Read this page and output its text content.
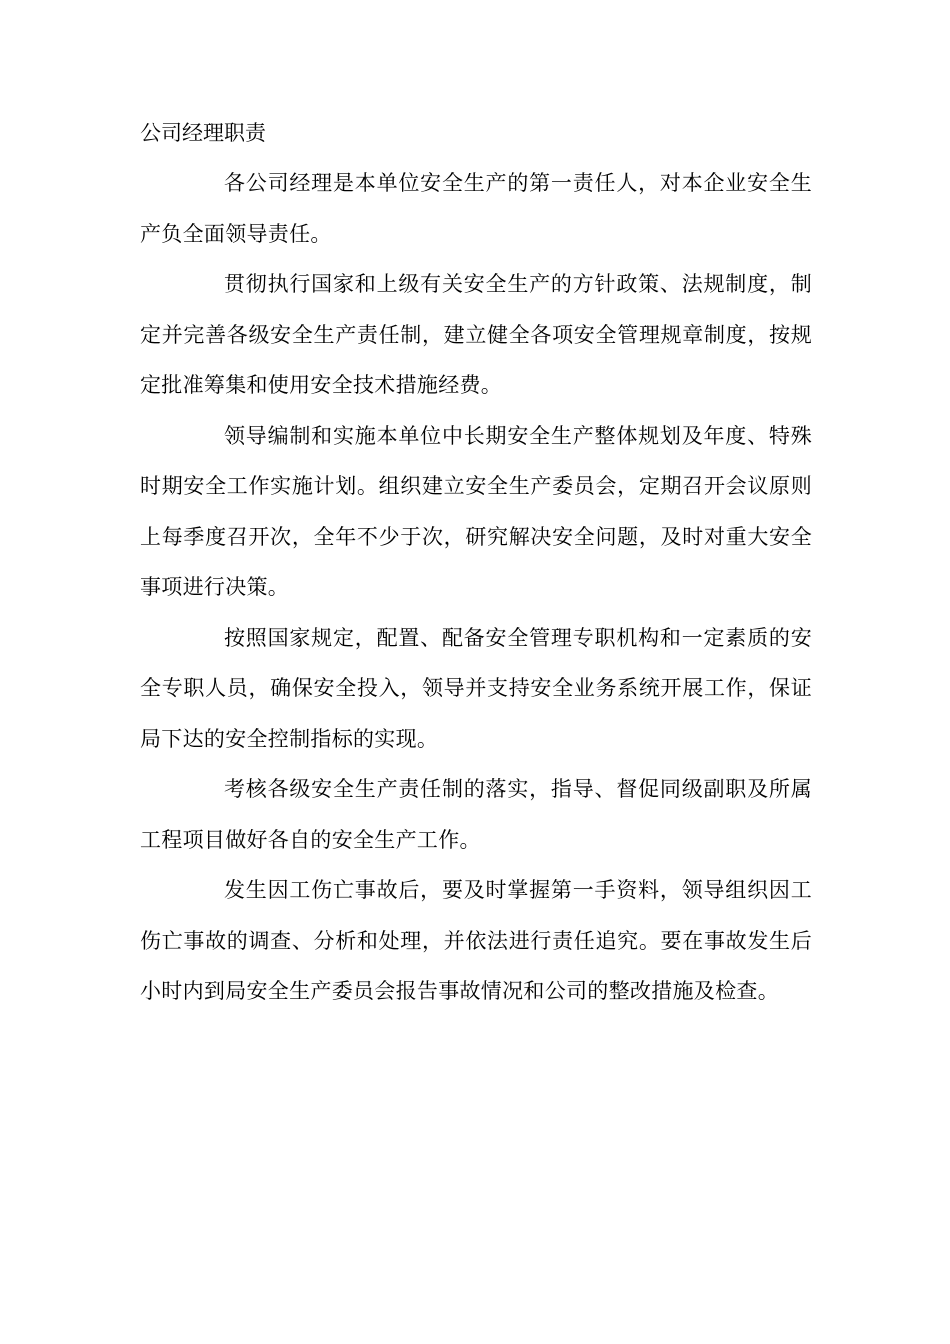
公司经理职责

各公司经理是本单位安全生产的第一责任人，对本企业安全生产负全面领导责任。

贯彻执行国家和上级有关安全生产的方针政策、法规制度，制定并完善各级安全生产责任制，建立健全各项安全管理规章制度，按规定批准筹集和使用安全技术措施经费。

领导编制和实施本单位中长期安全生产整体规划及年度、特殊时期安全工作实施计划。组织建立安全生产委员会，定期召开会议原则上每季度召开次，全年不少于次，研究解决安全问题，及时对重大安全事项进行决策。

按照国家规定，配置、配备安全管理专职机构和一定素质的安全专职人员，确保安全投入，领导并支持安全业务系统开展工作，保证局下达的安全控制指标的实现。

考核各级安全生产责任制的落实，指导、督促同级副职及所属工程项目做好各自的安全生产工作。

发生因工伤亡事故后，要及时掌握第一手资料，领导组织因工伤亡事故的调查、分析和处理，并依法进行责任追究。要在事故发生后小时内到局安全生产委员会报告事故情况和公司的整改措施及检查。
